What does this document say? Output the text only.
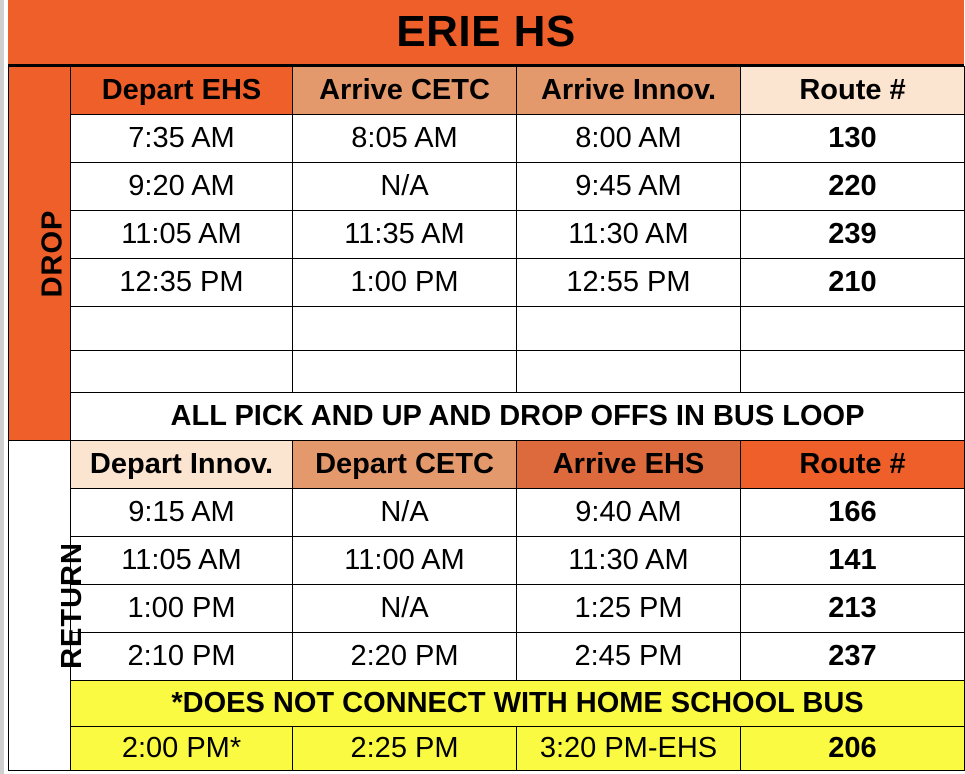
ERIE HS
DROP	Depart EHS	Arrive CETC	Arrive Innov.	Route #
	7:35 AM	8:05 AM	8:00 AM	130
	9:20 AM	N/A	9:45 AM	220
	11:05 AM	11:35 AM	11:30 AM	239
	12:35 PM	1:00 PM	12:55 PM	210

	ALL PICK AND UP AND DROP OFFS IN BUS LOOP			
RETURN	Depart Innov.	Depart CETC	Arrive EHS	Route #
	9:15 AM	N/A	9:40 AM	166
	11:05 AM	11:00 AM	11:30 AM	141
	1:00 PM	N/A	1:25 PM	213
	2:10 PM	2:20 PM	2:45 PM	237
	*DOES NOT CONNECT WITH HOME SCHOOL BUS			
	2:00 PM*	2:25 PM	3:20 PM-EHS	206
